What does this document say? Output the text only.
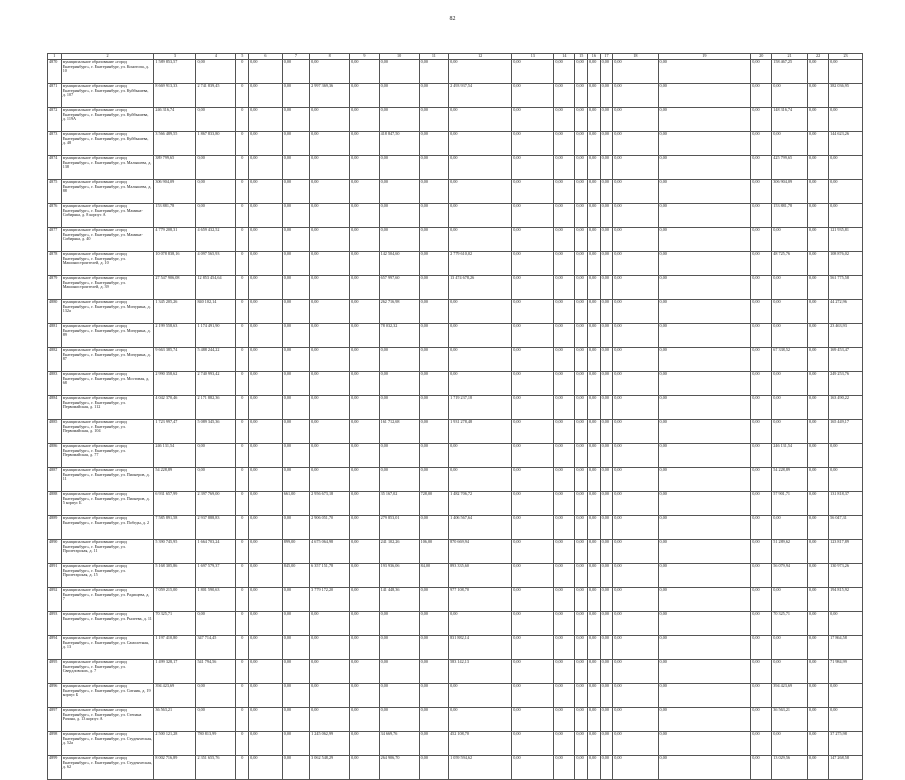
82
1	2	3	4	5	6	7	8	9	10	11	12	13	14	15	16	17	18	19	20	21	22	23
4870	муниципальное образование «город Екатеринбург», г. Екатеринбург, ул. Конотопа, д. 10	1 589 853,57	0,00	0	0,00	0,00	0,00	0,00	0,00	0,00	0,00	0,00	0,00	0,00	0,00	0,00	0,00	0,00	0,00	158 467,25	0,00	0,00
4871	муниципальное образование «город Екатеринбург», г. Екатеринбург, ул. Куйбышева, д. 107	8 669 913,33	2 741 839,45	0	0,00	0,00	2 997 369,36	0,00	0,00	0,00	2 493 937,54	0,00	0,00	0,00	0,00	0,00	0,00	0,00	0,00	0,00	0,00	382 036,95
4872	муниципальное образование «город Екатеринбург», г. Екатеринбург, ул. Куйбышева, д. 119А	246 316,74	0,00	0	0,00	0,00	0,00	0,00	0,00	0,00	0,00	0,00	0,00	0,00	0,00	0,00	0,00	0,00	0,00	148 316,74	0,00	0,00
4873	муниципальное образование «город Екатеринбург», г. Екатеринбург, ул. Куйбышева, д. 48	3 566 489,55	1 867 833,80	0	0,00	0,00	0,00	0,00	418 847,50	0,00	0,00	0,00	0,00	0,00	0,00	0,00	0,00	0,00	0,00	0,00	0,00	144 623,26
4874	муниципальное образование «город Екатеринбург», г. Екатеринбург, ул. Малышева, д. 138	389 799,65	0,00	0	0,00	0,00	0,00	0,00	0,00	0,00	0,00	0,00	0,00	0,00	0,00	0,00	0,00	0,00	0,00	425 799,65	0,00	0,00
4875	муниципальное образование «город Екатеринбург», г. Екатеринбург, ул. Малышева, д. 88	306 904,09	0,00	0	0,00	0,00	0,00	0,00	0,00	0,00	0,00	0,00	0,00	0,00	0,00	0,00	0,00	0,00	0,00	306 904,09	0,00	0,00
4876	муниципальное образование «город Екатеринбург», г. Екатеринбург, ул. Мамина-Сибиряка, д. 8 корпус А	153 881,78	0,00	0	0,00	0,00	0,00	0,00	0,00	0,00	0,00	0,00	0,00	0,00	0,00	0,00	0,00	0,00	0,00	153 881,78	0,00	0,00
4877	муниципальное образование «город Екатеринбург», г. Екатеринбург, ул. Мамина-Сибиряка, д. 40	4 779 208,31	4 659 432,52	0	0,00	0,00	0,00	0,00	0,00	0,00	0,00	0,00	0,00	0,00	0,00	0,00	0,00	0,00	0,00	0,00	0,00	121 935,81
4878	муниципальное образование «город Екатеринбург», г. Екатеринбург, ул. Машиностроителей, д. 10	10 078 838,16	4 097 565,93	0	0,00	0,00	0,00	0,00	142 504,60	0,00	2 779 610,02	0,00	0,00	0,00	0,00	0,00	0,00	0,00	0,00	48 725,76	0,00	108 876,02
4879	муниципальное образование «город Екатеринбург», г. Екатеринбург, ул. Машиностроителей, д. 39	27 547 906,08	12 853 454,64	0	0,00	0,00	0,00	0,00	657 997,60	0,00	13 474 678,26	0,00	0,00	0,00	0,00	0,00	0,00	0,00	0,00	0,00	0,00	561 775,58
4880	муниципальное образование «город Екатеринбург», г. Екатеринбург, ул. Мичурина, д. 132а	1 345 205,26	840 102,14	0	0,00	0,00	0,00	0,00	262 716,98	0,00	0,00	0,00	0,00	0,00	0,00	0,00	0,00	0,00	0,00	0,00	0,00	44 272,96
4881	муниципальное образование «город Екатеринбург», г. Екатеринбург, ул. Мичурина, д. 89	2 199 558,63	1 174 491,90	0	0,00	0,00	0,00	0,00	78 032,32	0,00	0,00	0,00	0,00	0,00	0,00	0,00	0,00	0,00	0,00	0,00	0,00	23 463,93
4882	муниципальное образование «город Екатеринбург», г. Екатеринбург, ул. Мичурина, д. 87	9 663 385,74	5 488 244,22	0	0,00	0,00	0,00	0,00	0,00	0,00	0,00	0,00	0,00	0,00	0,00	0,00	0,00	0,00	0,00	67 338,52	0,00	169 453,47
4883	муниципальное образование «город Екатеринбург», г. Екатеринбург, ул. Мостовая, д. 68	2 990 358,62	2 740 993,42	0	0,00	0,00	0,00	0,00	0,00	0,00	0,00	0,00	0,00	0,00	0,00	0,00	0,00	0,00	0,00	0,00	0,00	249 253,76
4884	муниципальное образование «город Екатеринбург», г. Екатеринбург, ул. Первомайская, д. 112	4 042 370,46	2 171 882,36	0	0,00	0,00	0,00	0,00	0,00	0,00	1 719 237,18	0,00	0,00	0,00	0,00	0,00	0,00	0,00	0,00	0,00	0,00	163 490,22
4885	муниципальное образование «город Екатеринбург», г. Екатеринбург, ул. Первомайская, д. 104	1 723 997,47	5 089 345,36	0	0,00	0,00	0,00	0,00	161 712,68	0,00	1 931 278,48	0,00	0,00	0,00	0,00	0,00	0,00	0,00	0,00	0,00	0,00	165 449,17
4886	муниципальное образование «город Екатеринбург», г. Екатеринбург, ул. Первомайская, д. 77	246 131,54	0,00	0	0,00	0,00	0,00	0,00	0,00	0,00	0,00	0,00	0,00	0,00	0,00	0,00	0,00	0,00	0,00	246 131,54	0,00	0,00
4887	муниципальное образование «город Екатеринбург», г. Екатеринбург, ул. Пионеров, д. 11	54 228,89	0,00	0	0,00	0,00	0,00	0,00	0,00	0,00	0,00	0,00	0,00	0,00	0,00	0,00	0,00	0,00	0,00	54 228,89	0,00	0,00
4888	муниципальное образование «город Екатеринбург», г. Екатеринбург, ул. Пионеров, д. 5 корпус Б	6 931 657,99	2 397 769,00	0	0,00	661,00	2 956 673,18	0,00	35 167,02	728,00	1 482 706,72	0,00	0,00	0,00	0,00	0,00	0,00	0,00	0,00	57 901,71	0,00	131 818,37
4889	муниципальное образование «город Екатеринбург», г. Екатеринбург, ул. Победы, д. 2	7 585 891,58	2 937 888,83	0	0,00	0,00	2 906 051,70	0,00	279 853,01	0,00	1 406 567,64	0,00	0,00	0,00	0,00	0,00	0,00	0,00	0,00	0,00	0,00	56 047,31
4890	муниципальное образование «город Екатеринбург», г. Екатеринбург, ул. Пролетарская, д. 11	5 390 745,95	1 664 703,24	0	0,00	899,00	4 675 064,98	0,00	241 102,26	106,00	870 669,94	0,00	0,00	0,00	0,00	0,00	0,00	0,00	0,00	51 289,62	0,00	123 817,89
4891	муниципальное образование «город Екатеринбург», г. Екатеринбург, ул. Пролетарская, д. 15	5 168 305,86	1 697 579,37	0	0,00	845,00	6 357 151,78	0,00	193 936,06	84,00	893 335,60	0,00	0,00	0,00	0,00	0,00	0,00	0,00	0,00	56 079,94	0,00	130 973,26
4892	муниципальное образование «город Екатеринбург», г. Екатеринбург, ул. Радищева, д. 7	7 059 215,00	1 801 590,63	0	0,00	0,00	3 779 172,20	0,00	141 448,36	0,00	977 108,70	0,00	0,00	0,00	0,00	0,00	0,00	0,00	0,00	0,00	0,00	194 815,92
4893	муниципальное образование «город Екатеринбург», г. Екатеринбург, ул. Рылеева, д. 11	70 325,71	0,00	0	0,00	0,00	0,00	0,00	0,00	0,00	0,00	0,00	0,00	0,00	0,00	0,00	0,00	0,00	0,00	70 325,71	0,00	0,00
4894	муниципальное образование «город Екатеринбург», г. Екатеринбург, ул. Самолетная, д. 13	1 197 410,80	347 714,45	0	0,00	0,00	0,00	0,00	0,00	0,00	831 882,14	0,00	0,00	0,00	0,00	0,00	0,00	0,00	0,00	0,00	0,00	17 864,58
4895	муниципальное образование «город Екатеринбург», г. Екатеринбург, ул. Свердловских, д. 7	1 499 328,17	541 794,56	0	0,00	0,00	0,00	0,00	0,00	0,00	583 142,13	0,00	0,00	0,00	0,00	0,00	0,00	0,00	0,00	0,00	0,00	71 984,99
4896	муниципальное образование «город Екатеринбург», г. Екатеринбург, ул. Ситник, д. 19 корпус Б	394 423,69	0,00	0	0,00	0,00	0,00	0,00	0,00	0,00	0,00	0,00	0,00	0,00	0,00	0,00	0,00	0,00	0,00	394 423,69	0,00	0,00
4897	муниципальное образование «город Екатеринбург», г. Екатеринбург, ул. Степана Разина, д. 13 корпус А	36 563,21	0,00	0	0,00	0,00	0,00	0,00	0,00	0,00	0,00	0,00	0,00	0,00	0,00	0,00	0,00	0,00	0,00	36 563,21	0,00	0,00
4898	муниципальное образование «город Екатеринбург», г. Екатеринбург, ул. Студенческая, д. 52а	2 500 121,28	780 813,99	0	0,00	0,00	1 245 062,99	0,00	34 669,76	0,00	452 108,70	0,00	0,00	0,00	0,00	0,00	0,00	0,00	0,00	0,00	0,00	37 275,98
4899	муниципальное образование «город Екатеринбург», г. Екатеринбург, ул. Студенческая, д. 62	8 002 716,89	2 351 655,76	0	0,00	0,00	3 062 548,29	0,00	264 906,70	0,00	1 059 594,62	0,00	0,00	0,00	0,00	0,00	0,00	0,00	0,00	13 029,56	0,00	147 268,58
